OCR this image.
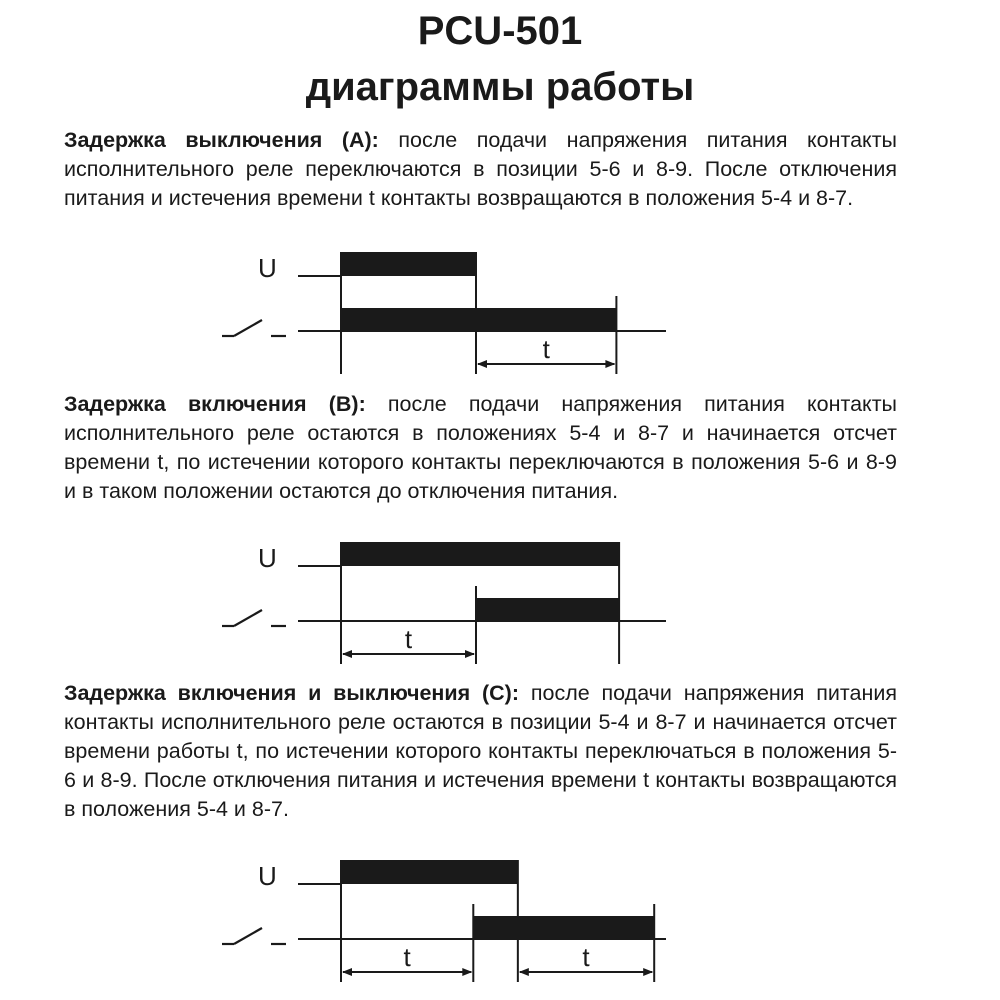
PCU-501
диаграммы работы

Задержка выключения (А): после подачи напряжения питания контакты исполнительного реле переключаются в позиции 5-6 и 8-9. После отключения питания и истечения времени t контакты возвращаются в положения 5-4 и 8-7.

U
t

Задержка включения (В): после подачи напряжения питания контакты исполнительного реле остаются в положениях 5-4 и 8-7 и начинается отсчет времени t, по истечении которого контакты переключаются в положения 5-6 и 8-9 и в таком положении остаются до отключения питания.

U
t

Задержка включения и выключения (С): после подачи напряжения питания контакты исполнительного реле остаются в позиции 5-4 и 8-7 и начинается отсчет времени работы t, по истечении которого контакты переключаться в положения 5-6 и 8-9. После отключения питания и истечения времени t контакты возвращаются в положения 5-4 и 8-7.

U
t	t
